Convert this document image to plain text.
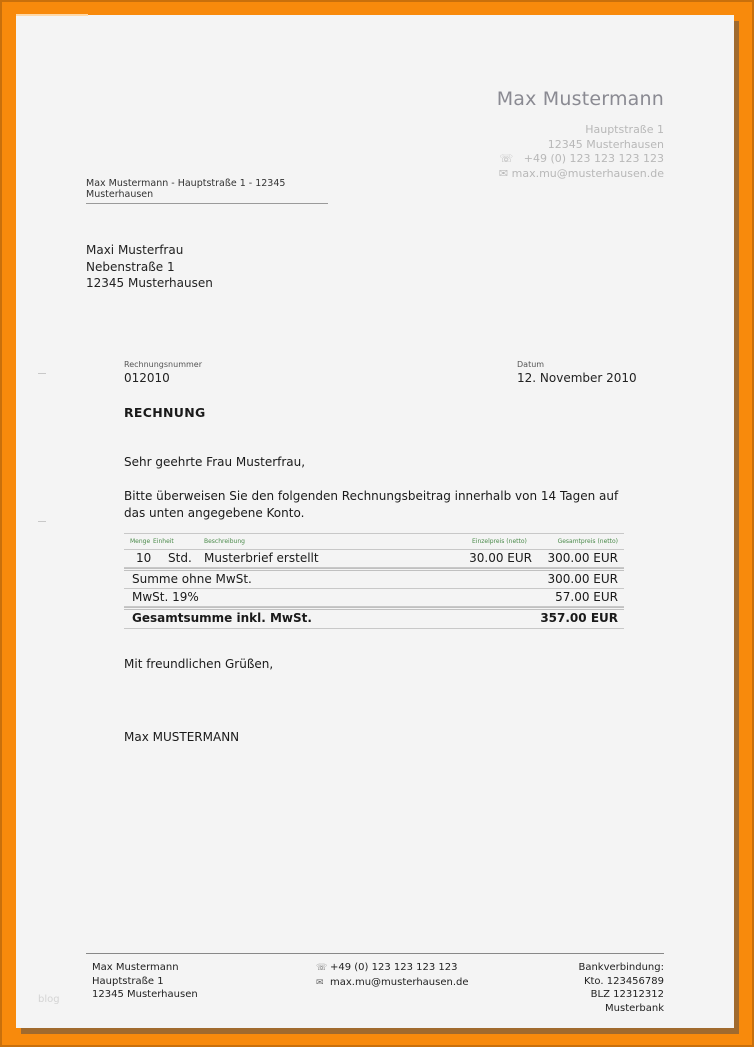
Max Mustermann
Hauptstraße 1
12345 Musterhausen
☏   +49 (0) 123 123 123 123
✉ max.mu@musterhausen.de
Max Mustermann - Hauptstraße 1 - 12345 Musterhausen
Maxi Musterfrau
Nebenstraße 1
12345 Musterhausen
Rechnungsnummer
012010
Datum
12. November 2010
RECHNUNG
Sehr geehrte Frau Musterfrau,
Bitte überweisen Sie den folgenden Rechnungsbeitrag innerhalb von 14 Tagen auf das unten angegebene Konto.
Menge Einheit	Beschreibung	Einzelpreis (netto)	Gesamtpreis (netto)
10 Std. Musterbrief erstellt	30.00 EUR 300.00 EUR
Summe ohne MwSt.	300.00 EUR
MwSt. 19%	57.00 EUR
Gesamtsumme inkl. MwSt.	357.00 EUR
Mit freundlichen Grüßen,
Max MUSTERMANN
Max Mustermann
Hauptstraße 1
12345 Musterhausen
☏ +49 (0) 123 123 123 123
✉ max.mu@musterhausen.de
Bankverbindung:
Kto. 123456789
BLZ 12312312
Musterbank
blog
